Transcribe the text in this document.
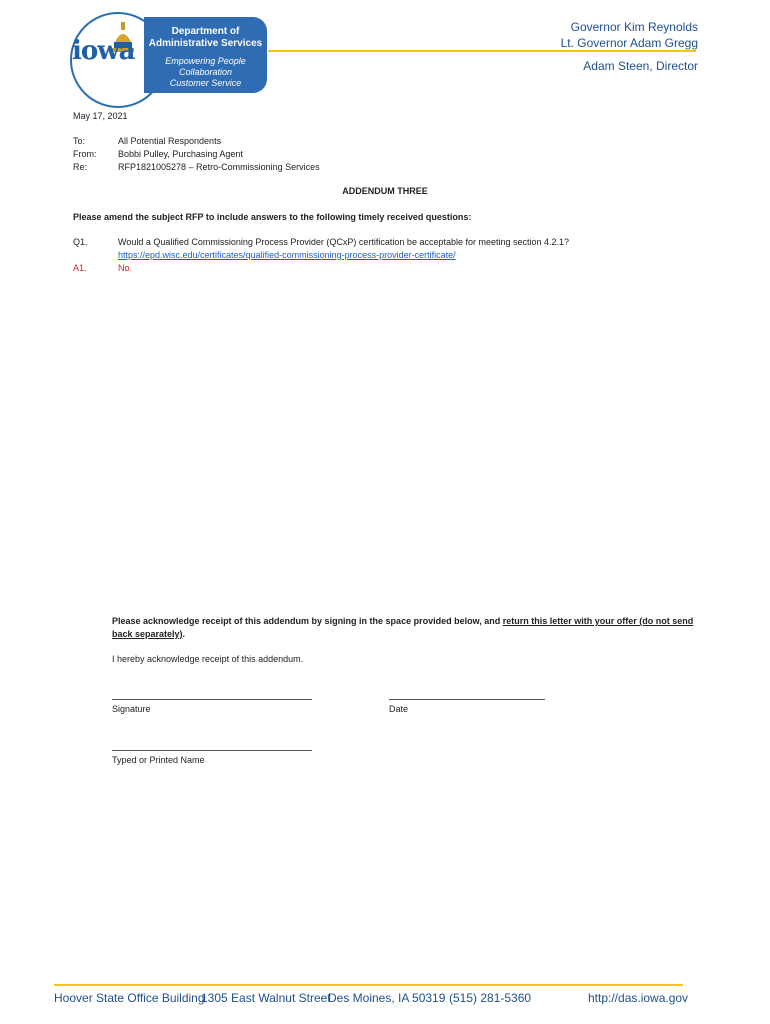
iowa
Department of
Administrative Services
Empowering People
Collaboration
Customer Service
Governor Kim Reynolds
Lt. Governor Adam Gregg
Adam Steen, Director
May 17, 2021
To:	All Potential Respondents
From: Bobbi Pulley, Purchasing Agent
Re:	RFP1821005278 – Retro-Commissioning Services
ADDENDUM THREE
Please amend the subject RFP to include answers to the following timely received questions:
Q1.	Would a Qualified Commissioning Process Provider (QCxP) certification be acceptable for meeting section 4.2.1?
https://epd.wisc.edu/certificates/qualified-commissioning-process-provider-certificate/
A1.	No.
Please acknowledge receipt of this addendum by signing in the space provided below, and return this letter with your offer (do not send
back separately).
I hereby acknowledge receipt of this addendum.
Signature	Date
Typed or Printed Name
Hoover State Office Building
1305 East Walnut Street
Des Moines, IA 50319 (515) 281-5360	http://das.iowa.gov
